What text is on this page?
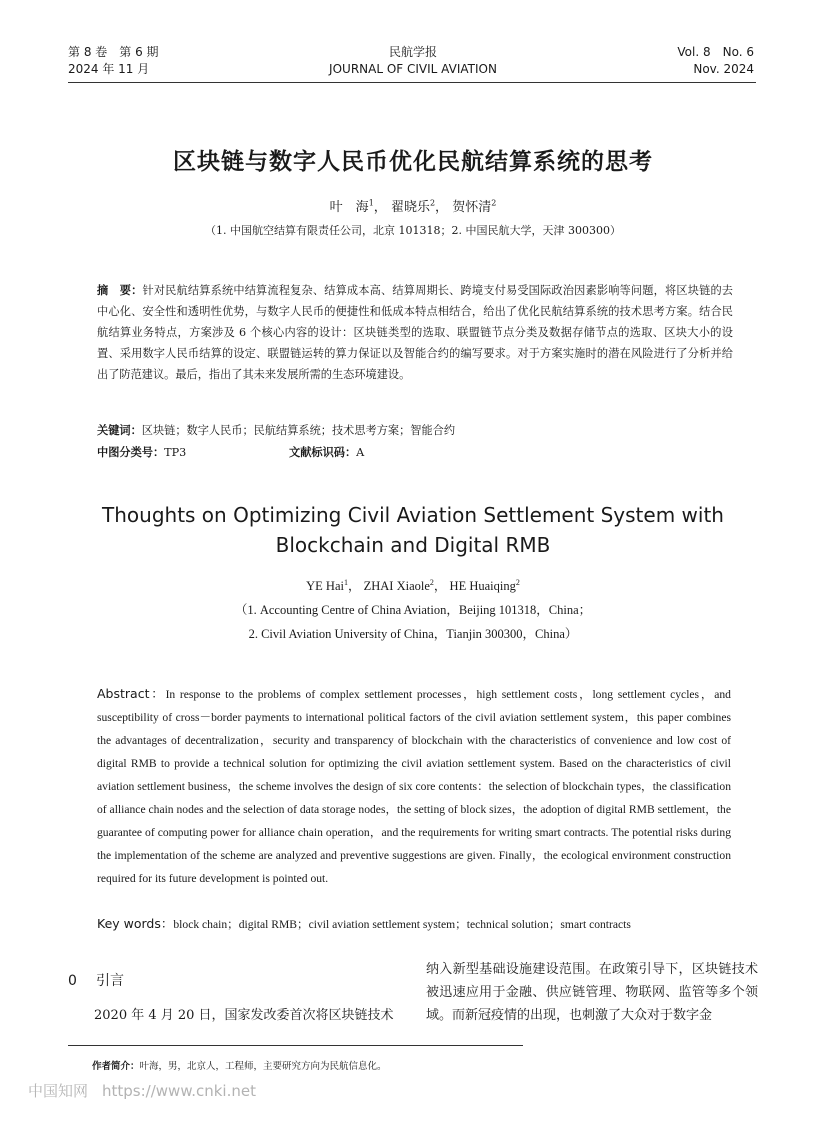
第 8 卷　第 6 期
2024 年 11 月
民航学报
JOURNAL OF CIVIL AVIATION
Vol. 8　No. 6
Nov. 2024
区块链与数字人民币优化民航结算系统的思考
叶　海$^1$， 翟晓乐$^2$， 贺怀清$^2$
（1. 中国航空结算有限责任公司，北京 101318；2. 中国民航大学，天津 300300）
摘　要：针对民航结算系统中结算流程复杂、结算成本高、结算周期长、跨境支付易受国际政治因素影响等问题，将区块链的去中心化、安全性和透明性优势，与数字人民币的便捷性和低成本特点相结合，给出了优化民航结算系统的技术思考方案。结合民航结算业务特点，方案涉及 6 个核心内容的设计：区块链类型的选取、联盟链节点分类及数据存储节点的选取、区块大小的设置、采用数字人民币结算的设定、联盟链运转的算力保证以及智能合约的编写要求。对于方案实施时的潜在风险进行了分析并给出了防范建议。最后，指出了其未来发展所需的生态环境建设。
关键词：区块链；数字人民币；民航结算系统；技术思考方案；智能合约
中图分类号：TP3	文献标识码：A
Thoughts on Optimizing Civil Aviation Settlement System with
Blockchain and Digital RMB
YE Hai$^1$， ZHAI Xiaole$^2$， HE Huaiqing$^2$
（1. Accounting Centre of China Aviation，Beijing 101318，China；
2. Civil Aviation University of China，Tianjin 300300，China）
Abstract：In response to the problems of complex settlement processes，high settlement costs，long settlement cycles，and susceptibility of cross－border payments to international political factors of the civil aviation settlement system，this paper combines the advantages of decentralization，security and transparency of blockchain with the characteristics of convenience and low cost of digital RMB to provide a technical solution for optimizing the civil aviation settlement system. Based on the characteristics of civil aviation settlement business，the scheme involves the design of six core contents：the selection of blockchain types，the classification of alliance chain nodes and the selection of data storage nodes，the setting of block sizes，the adoption of digital RMB settlement，the guarantee of computing power for alliance chain operation，and the requirements for writing smart contracts. The potential risks during the implementation of the scheme are analyzed and preventive suggestions are given. Finally，the ecological environment construction required for its future development is pointed out.
Key words：block chain；digital RMB；civil aviation settlement system；technical solution；smart contracts
0 引言
2020 年 4 月 20 日，国家发改委首次将区块链技术
纳入新型基础设施建设范围。在政策引导下，区块链技术被迅速应用于金融、供应链管理、物联网、监管等多个领域。而新冠疫情的出现，也刺激了大众对于数字金
作者简介：叶海，男，北京人，工程师，主要研究方向为民航信息化。
中国知网 https://www.cnki.net
